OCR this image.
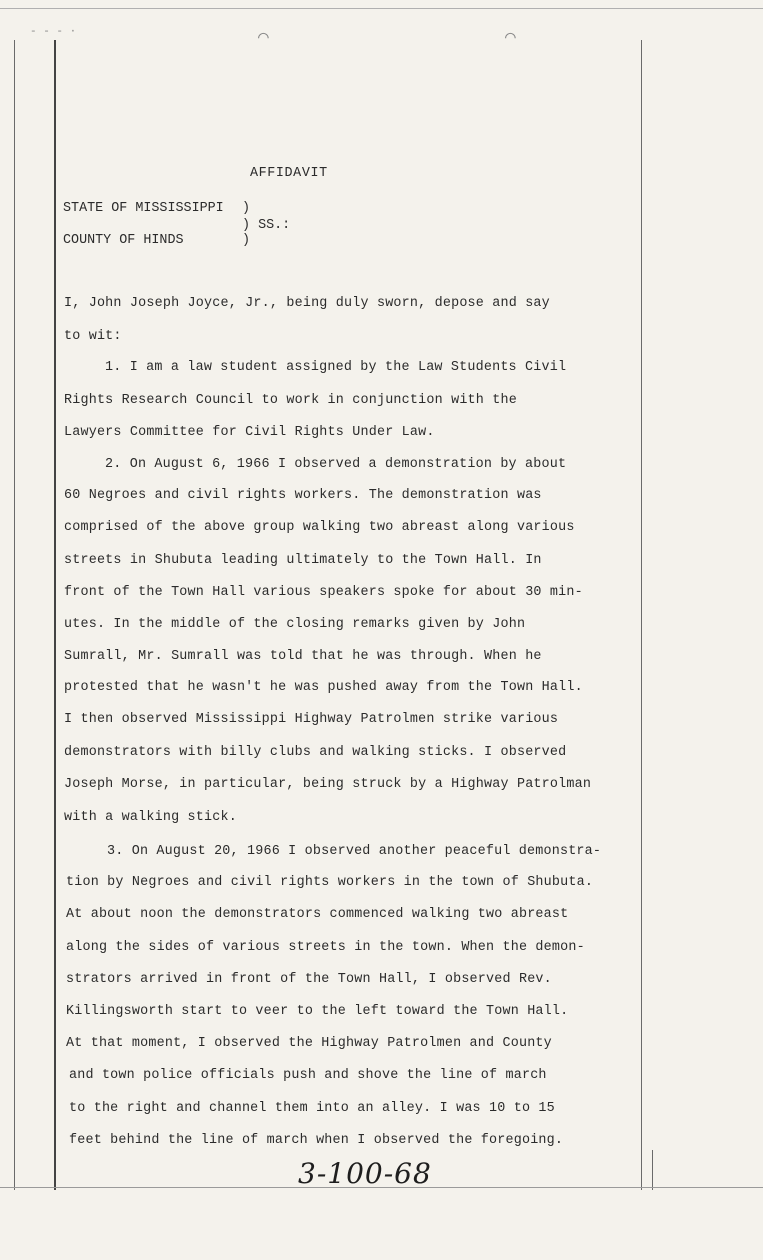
- - - ·	⌒	⌒
AFFIDAVIT
STATE OF MISSISSIPPI )
) SS.:
COUNTY OF HINDS	)
I, John Joseph Joyce, Jr., being duly sworn, depose and say
to wit:
1. I am a law student assigned by the Law Students Civil
Rights Research Council to work in conjunction with the
Lawyers Committee for Civil Rights Under Law.
2. On August 6, 1966 I observed a demonstration by about
60 Negroes and civil rights workers. The demonstration was
comprised of the above group walking two abreast along various
streets in Shubuta leading ultimately to the Town Hall. In
front of the Town Hall various speakers spoke for about 30 min-
utes. In the middle of the closing remarks given by John
Sumrall, Mr. Sumrall was told that he was through. When he
protested that he wasn't he was pushed away from the Town Hall.
I then observed Mississippi Highway Patrolmen strike various
demonstrators with billy clubs and walking sticks. I observed
Joseph Morse, in particular, being struck by a Highway Patrolman
with a walking stick.
3. On August 20, 1966 I observed another peaceful demonstra-
tion by Negroes and civil rights workers in the town of Shubuta.
At about noon the demonstrators commenced walking two abreast
along the sides of various streets in the town. When the demon-
strators arrived in front of the Town Hall, I observed Rev.
Killingsworth start to veer to the left toward the Town Hall.
At that moment, I observed the Highway Patrolmen and County
and town police officials push and shove the line of march
to the right and channel them into an alley. I was 10 to 15
feet behind the line of march when I observed the foregoing.
3-100-68
